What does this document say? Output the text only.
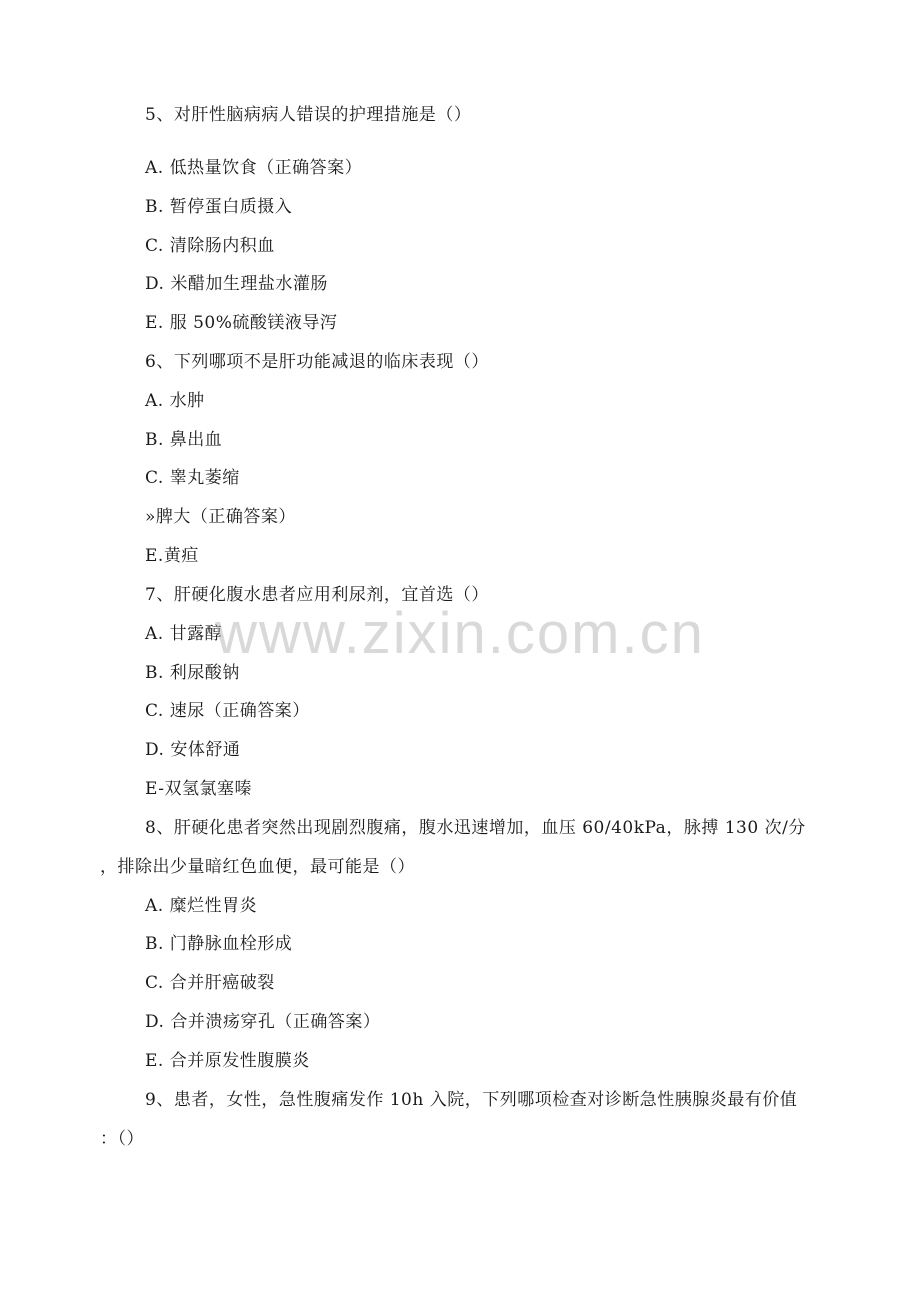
5、对肝性脑病病人错误的护理措施是（）
A. 低热量饮食（正确答案）
B. 暂停蛋白质摄入
C. 清除肠内积血
D. 米醋加生理盐水灌肠
E. 服 50%硫酸镁液导泻
6、下列哪项不是肝功能减退的临床表现（）
A. 水肿
B. 鼻出血
C. 睾丸萎缩
»脾大（正确答案）
E.黄疸
7、肝硬化腹水患者应用利尿剂，宜首选（）
A. 甘露醇
B. 利尿酸钠
C. 速尿（正确答案）
D. 安体舒通
E-双氢氯塞嗪
8、肝硬化患者突然出现剧烈腹痛，腹水迅速增加，血压 60/40kPa，脉搏 130 次/分
，排除出少量暗红色血便，最可能是（）
A. 糜烂性胃炎
B. 门静脉血栓形成
C. 合并肝癌破裂
D. 合并溃疡穿孔（正确答案）
E. 合并原发性腹膜炎
9、患者，女性，急性腹痛发作 10h 入院，下列哪项检查对诊断急性胰腺炎最有价值
：（）
www.zixin.com.cn
